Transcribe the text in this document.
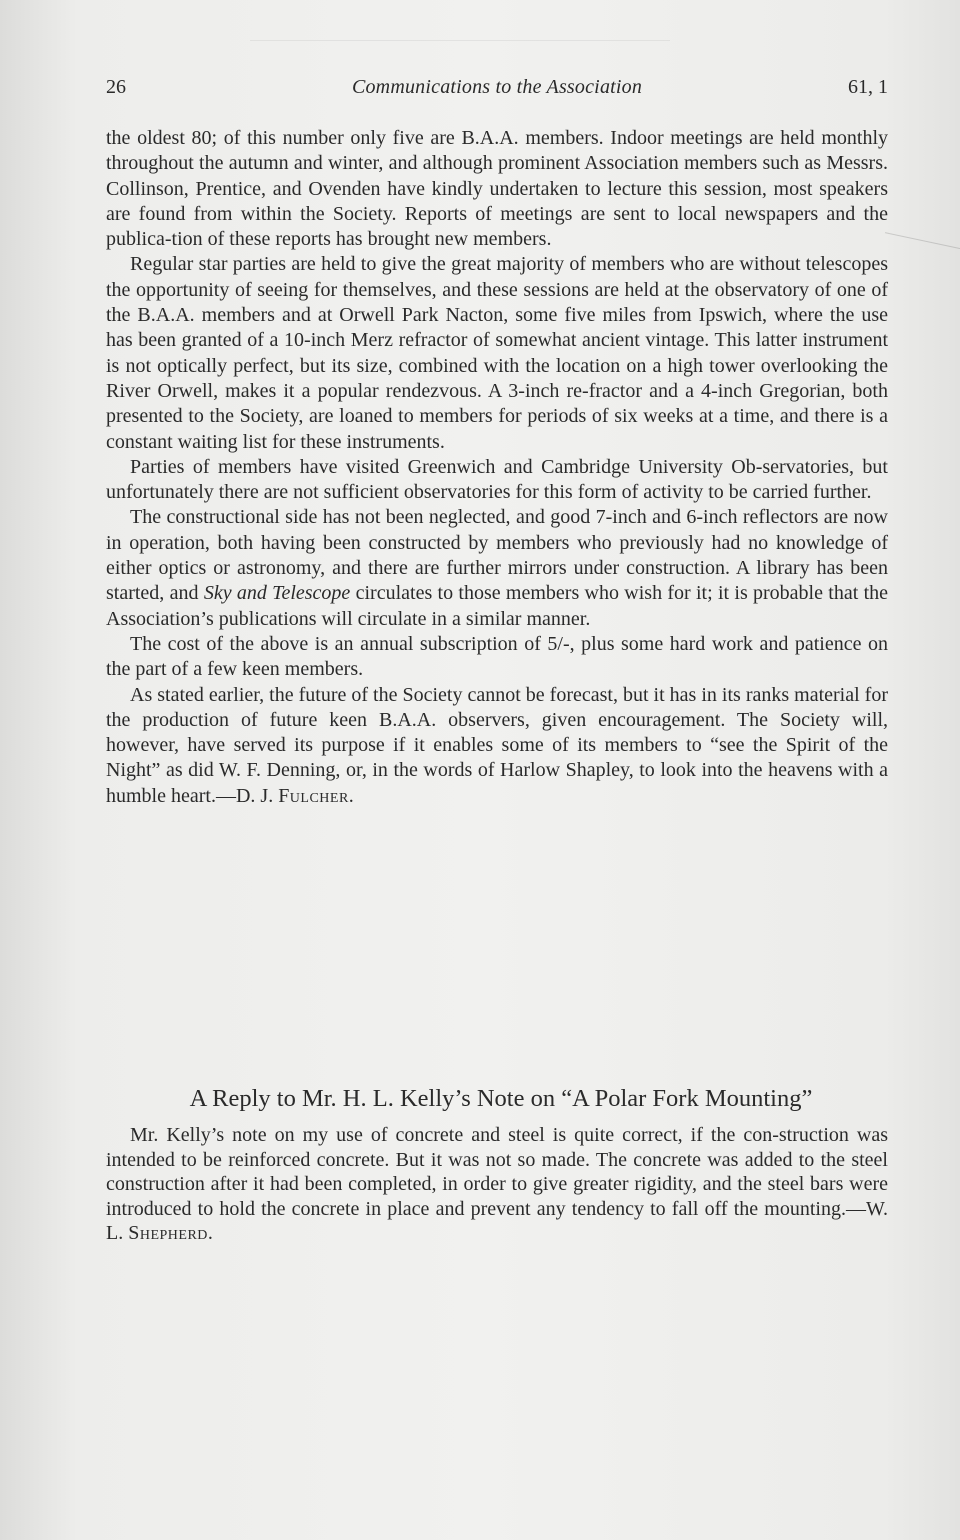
26	Communications to the Association	61, 1

the oldest 80; of this number only five are B.A.A. members. Indoor meetings are held monthly throughout the autumn and winter, and although prominent Association members such as Messrs. Collinson, Prentice, and Ovenden have kindly undertaken to lecture this session, most speakers are found from within the Society. Reports of meetings are sent to local newspapers and the publica-tion of these reports has brought new members.

Regular star parties are held to give the great majority of members who are without telescopes the opportunity of seeing for themselves, and these sessions are held at the observatory of one of the B.A.A. members and at Orwell Park Nacton, some five miles from Ipswich, where the use has been granted of a 10-inch Merz refractor of somewhat ancient vintage. This latter instrument is not optically perfect, but its size, combined with the location on a high tower overlooking the River Orwell, makes it a popular rendezvous. A 3-inch re-fractor and a 4-inch Gregorian, both presented to the Society, are loaned to members for periods of six weeks at a time, and there is a constant waiting list for these instruments.

Parties of members have visited Greenwich and Cambridge University Ob-servatories, but unfortunately there are not sufficient observatories for this form of activity to be carried further.

The constructional side has not been neglected, and good 7-inch and 6-inch reflectors are now in operation, both having been constructed by members who previously had no knowledge of either optics or astronomy, and there are further mirrors under construction. A library has been started, and Sky and Telescope circulates to those members who wish for it; it is probable that the Association’s publications will circulate in a similar manner.

The cost of the above is an annual subscription of 5/-, plus some hard work and patience on the part of a few keen members.

As stated earlier, the future of the Society cannot be forecast, but it has in its ranks material for the production of future keen B.A.A. observers, given encouragement. The Society will, however, have served its purpose if it enables some of its members to “see the Spirit of the Night” as did W. F. Denning, or, in the words of Harlow Shapley, to look into the heavens with a humble heart.—D. J. Fulcher.

A Reply to Mr. H. L. Kelly’s Note on “A Polar Fork Mounting”

Mr. Kelly’s note on my use of concrete and steel is quite correct, if the con-struction was intended to be reinforced concrete. But it was not so made. The concrete was added to the steel construction after it had been completed, in order to give greater rigidity, and the steel bars were introduced to hold the concrete in place and prevent any tendency to fall off the mounting.—W. L. Shepherd.
